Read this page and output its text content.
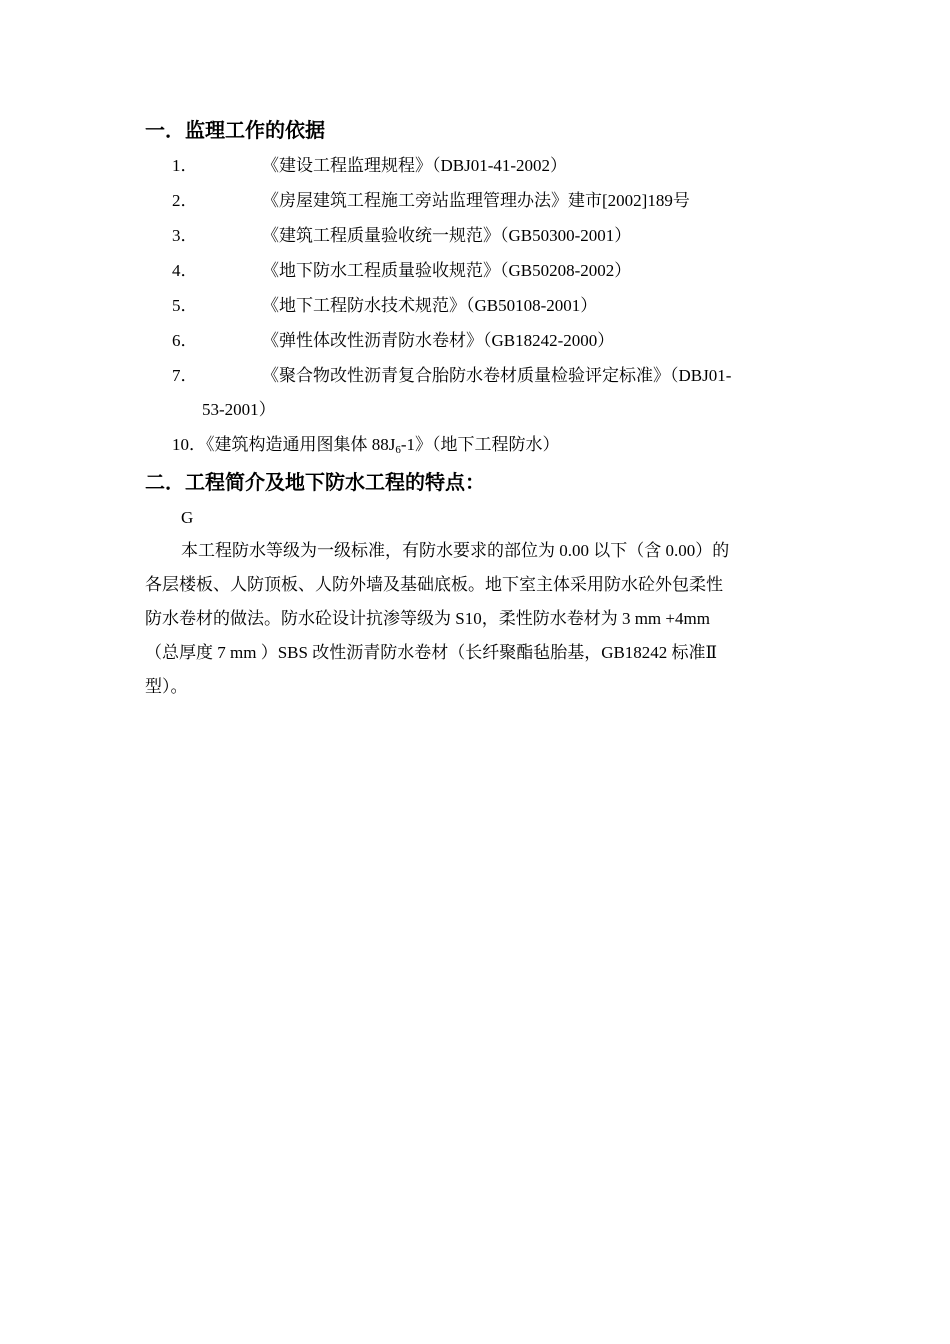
一．监理工作的依据
1．	《建设工程监理规程》（DBJ01-41-2002）
2．	《房屋建筑工程施工旁站监理管理办法》建市[2002]189号
3．	《建筑工程质量验收统一规范》（GB50300-2001）
4．	《地下防水工程质量验收规范》（GB50208-2002）
5．	《地下工程防水技术规范》（GB50108-2001）
6．	《弹性体改性沥青防水卷材》（GB18242-2000）
7．	《聚合物改性沥青复合胎防水卷材质量检验评定标准》（DBJ01-
53-2001）
10．《建筑构造通用图集体 $88J_6-1$》（地下工程防水）
二．工程简介及地下防水工程的特点：
G
本工程防水等级为一级标准，有防水要求的部位为 0.00 以下（含 0.00）的
各层楼板、人防顶板、人防外墙及基础底板。地下室主体采用防水砼外包柔性
防水卷材的做法。防水砼设计抗渗等级为 S10，柔性防水卷材为 3 mm +4mm
（总厚度 7 mm ）SBS 改性沥青防水卷材（长纤聚酯毡胎基，GB18242 标准Ⅱ
型）。
